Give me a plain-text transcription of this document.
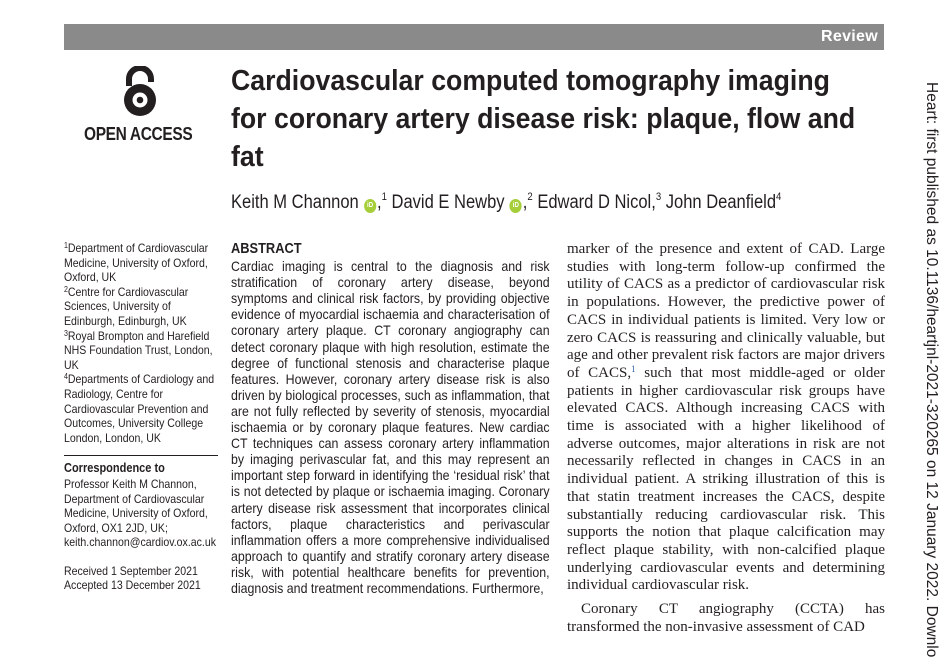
Review
OPEN ACCESS
Cardiovascular computed tomography imaging for coronary artery disease risk: plaque, flow and fat
Keith M Channon iD ,$^1$ David E Newby iD ,$^2$ Edward D Nicol,$^3$ John Deanfield$^4$

$^1$Department of Cardiovascular Medicine, University of Oxford, Oxford, UK

$^2$Centre for Cardiovascular Sciences, University of Edinburgh, Edinburgh, UK

$^3$Royal Brompton and Harefield NHS Foundation Trust, London, UK

$^4$Departments of Cardiology and Radiology, Centre for Cardiovascular Prevention and Outcomes, University College London, London, UK

Correspondence to
Professor Keith M Channon,
Department of Cardiovascular
Medicine, University of Oxford,
Oxford, OX1 2JD, UK;
keith.channon@cardiov.ox.ac.uk
Received 1 September 2021
Accepted 13 December 2021
ABSTRACT

Cardiac imaging is central to the diagnosis and risk stratification of coronary artery disease, beyond symptoms and clinical risk factors, by providing objective evidence of myocardial ischaemia and characterisation of coronary artery plaque. CT coronary angiography can detect coronary plaque with high resolution, estimate the degree of functional stenosis and characterise plaque features. However, coronary artery disease risk is also driven by biological processes, such as inflammation, that are not fully reflected by severity of stenosis, myocardial ischaemia or by coronary plaque features. New cardiac CT techniques can assess coronary artery inflammation by imaging perivascular fat, and this may represent an important step forward in identifying the ‘residual risk’ that is not detected by plaque or ischaemia imaging. Coronary artery disease risk assessment that incorporates clinical factors, plaque characteristics and perivascular inflammation offers a more comprehensive individualised approach to quantify and stratify coronary artery disease risk, with potential healthcare benefits for prevention, diagnosis and treatment recommendations. Furthermore,

marker of the presence and extent of CAD. Large studies with long-term follow-up confirmed the utility of CACS as a predictor of cardiovascular risk in populations. However, the predictive power of CACS in individual patients is limited. Very low or zero CACS is reassuring and clinically valuable, but age and other prevalent risk factors are major drivers of CACS,$^1$ such that most middle-aged or older patients in higher cardiovascular risk groups have elevated CACS. Although increasing CACS with time is associated with a higher likelihood of adverse outcomes, major alterations in risk are not necessarily reflected in changes in CACS in an individual patient. A striking illustration of this is that statin treatment increases the CACS, despite substantially reducing cardiovascular risk. This supports the notion that plaque calcification may reflect plaque stability, with non-calcified plaque underlying cardiovascular events and determining individual cardiovascular risk.

Coronary CT angiography (CCTA) has transformed the non-invasive assessment of CAD	Heart: first published as 10.1136/heartjnl-2021-320265 on 12 January 2022. Downlo
